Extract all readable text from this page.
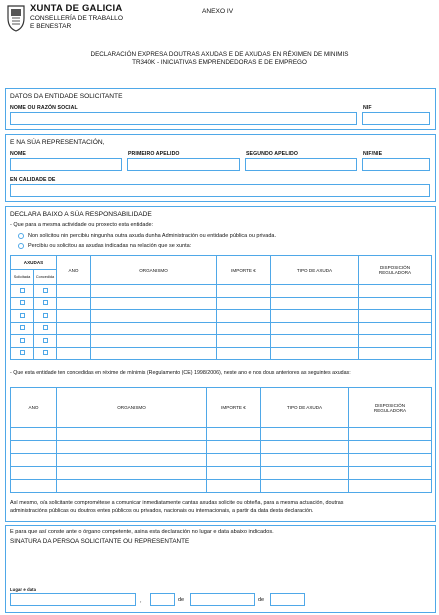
XUNTA DE GALICIA
CONSELLERÍA DE TRABALLO
E BENESTAR
ANEXO IV
DECLARACIÓN EXPRESA DOUTRAS AXUDAS E DE AXUDAS EN RÉXIMEN DE MINIMIS
TR340K - INICIATIVAS EMPRENDEDORAS E DE EMPREGO
DATOS DA ENTIDADE SOLICITANTE
NOME OU RAZÓN SOCIAL	NIF
E NA SÚA REPRESENTACIÓN,
NOME	PRIMEIRO APELIDO	SEGUNDO APELIDO	NIF/NIE
EN CALIDADE DE
DECLARA BAIXO A SÚA RESPONSABILIDADE
- Que para a mesma actividade ou proxecto esta entidade:
Non solicitou nin percibiu ningunha outra axuda dunha Administración ou entidade pública ou privada.
Percibiu ou solicitou as axudas indicadas na relación que se xunta:
AXUDAS		ANO	ORGANISMO	IMPORTE €	TIPO DE AXUDA	DISPOSICIÓN REGULADORA
Solicitada	Concedida					

- Que esta entidade ten concedidas en réxime de mínimis (Regulamento (CE) 1998/2006), neste ano e nos dous anteriores as seguintes axudas:
ANO	ORGANISMO	IMPORTE €	TIPO DE AXUDA	DISPOSICIÓN REGULADORA

Así mesmo, o/a solicitante comprométese a comunicar inmediatamente cantas axudas solicite ou obteña, para a mesma actuación, doutras
administracións públicas ou doutros entes públicos ou privados, nacionais ou internacionais, a partir da data desta declaración.
E para que así conste ante o órgano competente, asina esta declaración no lugar e data abaixo indicados.
SINATURA DA PERSOA SOLICITANTE OU REPRESENTANTE
Lugar e data
,	de	de
